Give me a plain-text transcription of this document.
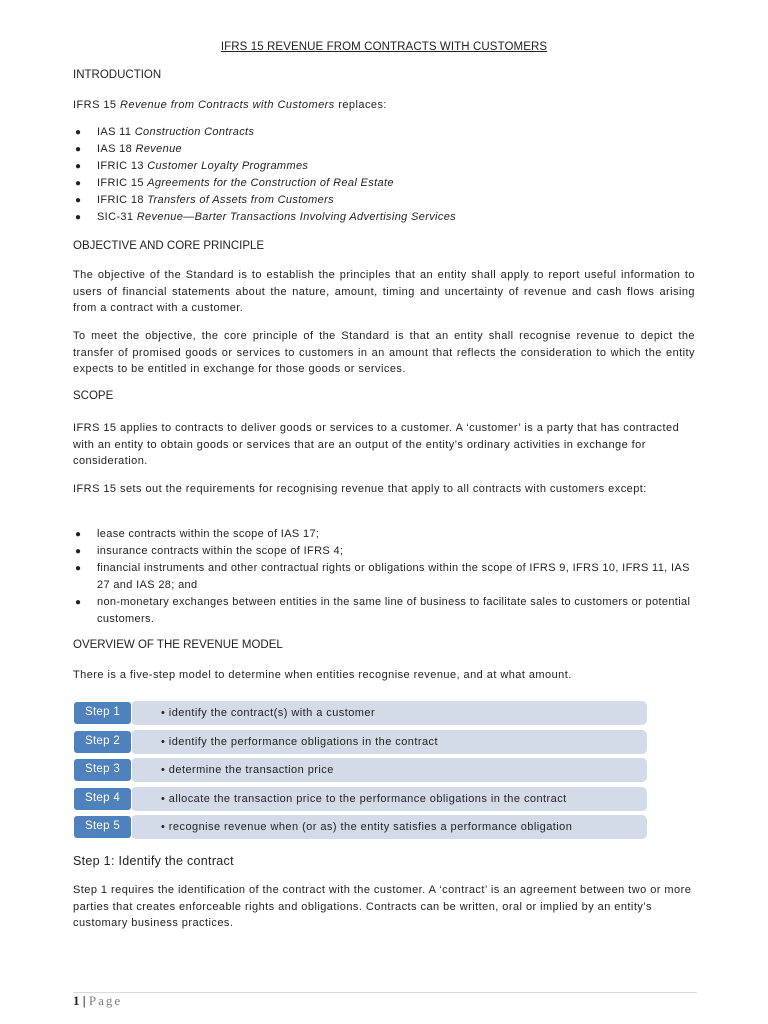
IFRS 15 REVENUE FROM CONTRACTS WITH CUSTOMERS
INTRODUCTION
IFRS 15 Revenue from Contracts with Customers replaces:
● IAS 11 Construction Contracts
● IAS 18 Revenue
● IFRIC 13 Customer Loyalty Programmes
● IFRIC 15 Agreements for the Construction of Real Estate
● IFRIC 18 Transfers of Assets from Customers
● SIC-31 Revenue—Barter Transactions Involving Advertising Services
OBJECTIVE AND CORE PRINCIPLE
The objective of the Standard is to establish the principles that an entity shall apply to report useful information to users of financial statements about the nature, amount, timing and uncertainty of revenue and cash flows arising from a contract with a customer.
To meet the objective, the core principle of the Standard is that an entity shall recognise revenue to depict the transfer of promised goods or services to customers in an amount that reflects the consideration to which the entity expects to be entitled in exchange for those goods or services.
SCOPE
IFRS 15 applies to contracts to deliver goods or services to a customer. A ‘customer’ is a party that has contracted with an entity to obtain goods or services that are an output of the entity’s ordinary activities in exchange for consideration.
IFRS 15 sets out the requirements for recognising revenue that apply to all contracts with customers except:
● lease contracts within the scope of IAS 17;
● insurance contracts within the scope of IFRS 4;
● financial instruments and other contractual rights or obligations within the scope of IFRS 9, IFRS 10, IFRS 11, IAS 27 and IAS 28; and
● non-monetary exchanges between entities in the same line of business to facilitate sales to customers or potential customers.
OVERVIEW OF THE REVENUE MODEL
There is a five-step model to determine when entities recognise revenue, and at what amount.
Step 1	• identify the contract(s) with a customer
Step 2	• identify the performance obligations in the contract
Step 3	• determine the transaction price
Step 4	• allocate the transaction price to the performance obligations in the contract
Step 5	• recognise revenue when (or as) the entity satisfies a performance obligation
Step 1: Identify the contract
Step 1 requires the identification of the contract with the customer. A ‘contract’ is an agreement between two or more parties that creates enforceable rights and obligations. Contracts can be written, oral or implied by an entity’s customary business practices.
1 | Page
